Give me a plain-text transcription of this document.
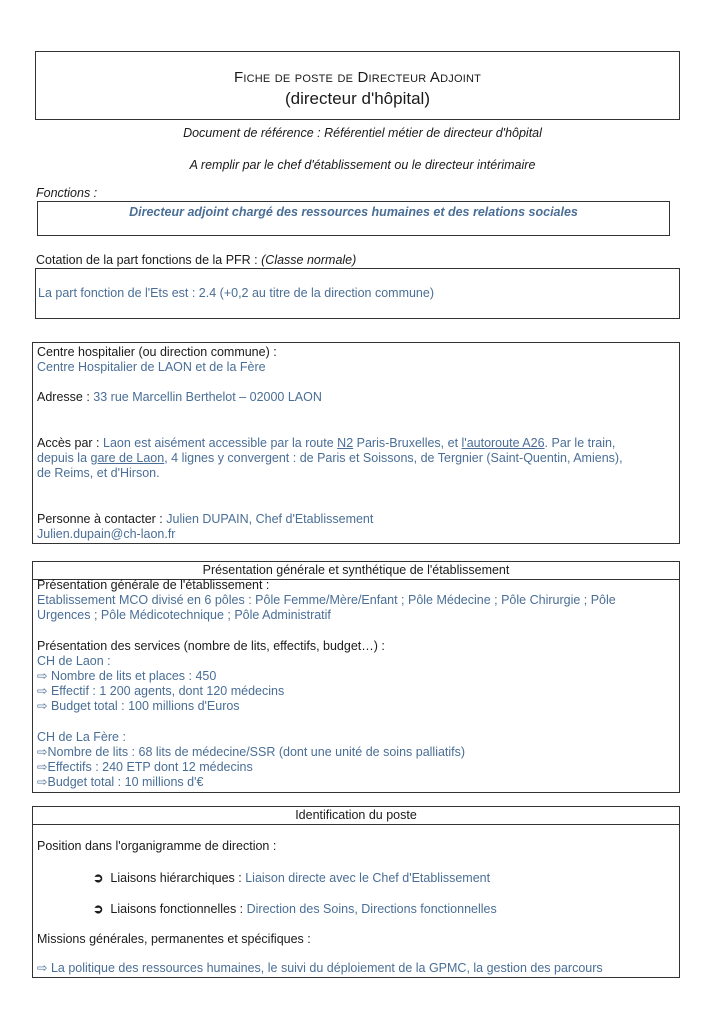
Fiche de poste de Directeur Adjoint
(directeur d'hôpital)
Document de référence : Référentiel métier de directeur d'hôpital
A remplir par le chef d'établissement ou le directeur intérimaire
Fonctions :
Directeur adjoint chargé des ressources humaines et des relations sociales
Cotation de la part fonctions de la PFR : (Classe normale)
La part fonction de l'Ets est : 2.4 (+0,2 au titre de la direction commune)
Centre hospitalier (ou direction commune) :
Centre Hospitalier de LAON et de la Fère
Adresse : 33 rue Marcellin Berthelot – 02000 LAON
Accès par : Laon est aisément accessible par la route N2 Paris-Bruxelles, et l'autoroute A26. Par le train,
depuis la gare de Laon, 4 lignes y convergent : de Paris et Soissons, de Tergnier (Saint-Quentin, Amiens),
de Reims, et d'Hirson.
Personne à contacter : Julien DUPAIN, Chef d'Etablissement
Julien.dupain@ch-laon.fr
Présentation générale et synthétique de l'établissement
Présentation générale de l'établissement :
Etablissement MCO divisé en 6 pôles : Pôle Femme/Mère/Enfant ; Pôle Médecine ; Pôle Chirurgie ; Pôle
Urgences ; Pôle Médicotechnique ; Pôle Administratif
Présentation des services (nombre de lits, effectifs, budget…) :
CH de Laon :
⇨ Nombre de lits et places : 450
⇨ Effectif : 1 200 agents, dont 120 médecins
⇨ Budget total : 100 millions d'Euros
CH de La Fère :
⇨Nombre de lits : 68 lits de médecine/SSR (dont une unité de soins palliatifs)
⇨Effectifs : 240 ETP dont 12 médecins
⇨Budget total : 10 millions d'€
Identification du poste
Position dans l'organigramme de direction :
➲  Liaisons hiérarchiques : Liaison directe avec le Chef d'Etablissement
➲  Liaisons fonctionnelles : Direction des Soins, Directions fonctionnelles
Missions générales, permanentes et spécifiques :
⇨ La politique des ressources humaines, le suivi du déploiement de la GPMC, la gestion des parcours
